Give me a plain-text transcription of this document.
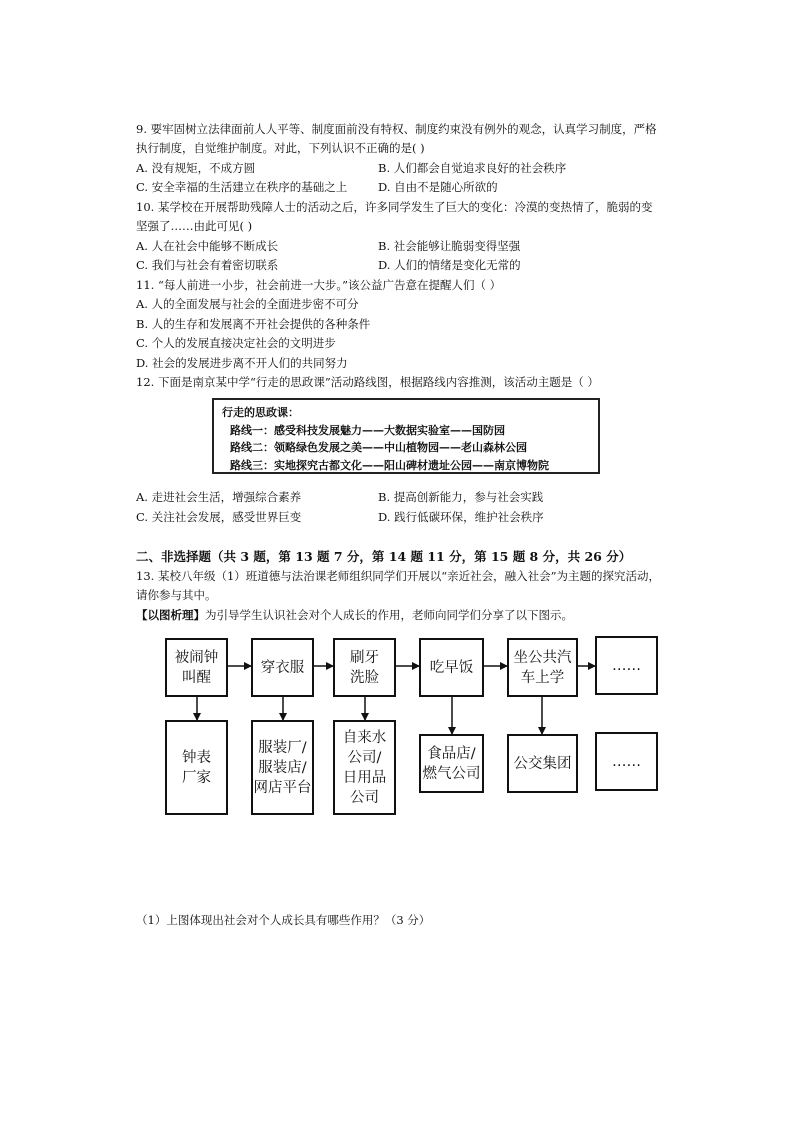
9. 要牢固树立法律面前人人平等、制度面前没有特权、制度约束没有例外的观念，认真学习制度，严格
执行制度，自觉维护制度。对此，下列认识不正确的是( )
A. 没有规矩，不成方圆	B. 人们都会自觉追求良好的社会秩序
C. 安全幸福的生活建立在秩序的基础之上	D. 自由不是随心所欲的
10. 某学校在开展帮助残障人士的活动之后，许多同学发生了巨大的变化：冷漠的变热情了，脆弱的变
坚强了……由此可见( )
A. 人在社会中能够不断成长	B. 社会能够让脆弱变得坚强
C. 我们与社会有着密切联系	D. 人们的情绪是变化无常的
11. “每人前进一小步，社会前进一大步。”该公益广告意在提醒人们（ ）
A. 人的全面发展与社会的全面进步密不可分
B. 人的生存和发展离不开社会提供的各种条件
C. 个人的发展直接决定社会的文明进步
D. 社会的发展进步离不开人们的共同努力
12. 下面是南京某中学“行走的思政课”活动路线图，根据路线内容推测，该活动主题是（ ）
行走的思政课：
路线一：感受科技发展魅力——大数据实验室——国防园
路线二：领略绿色发展之美——中山植物园——老山森林公园
路线三：实地探究古都文化——阳山碑材遗址公园——南京博物院
A. 走进社会生活，增强综合素养	B. 提高创新能力，参与社会实践
C. 关注社会发展，感受世界巨变	D. 践行低碳环保，维护社会秩序
二、非选择题（共 3 题，第 13 题 7 分，第 14 题 11 分，第 15 题 8 分，共 26 分）
13. 某校八年级（1）班道德与法治课老师组织同学们开展以“亲近社会，融入社会”为主题的探究活动，
请你参与其中。
【以图析理】为引导学生认识社会对个人成长的作用，老师向同学们分享了以下图示。
被闹钟
叫醒
穿衣服
刷牙
洗脸
吃早饭
坐公共汽
车上学
……
钟表
厂家
服装厂/
服装店/
网店平台
自来水
公司/
日用品
公司
食品店/
燃气公司
公交集团	……
（1）上图体现出社会对个人成长具有哪些作用？（3 分）
